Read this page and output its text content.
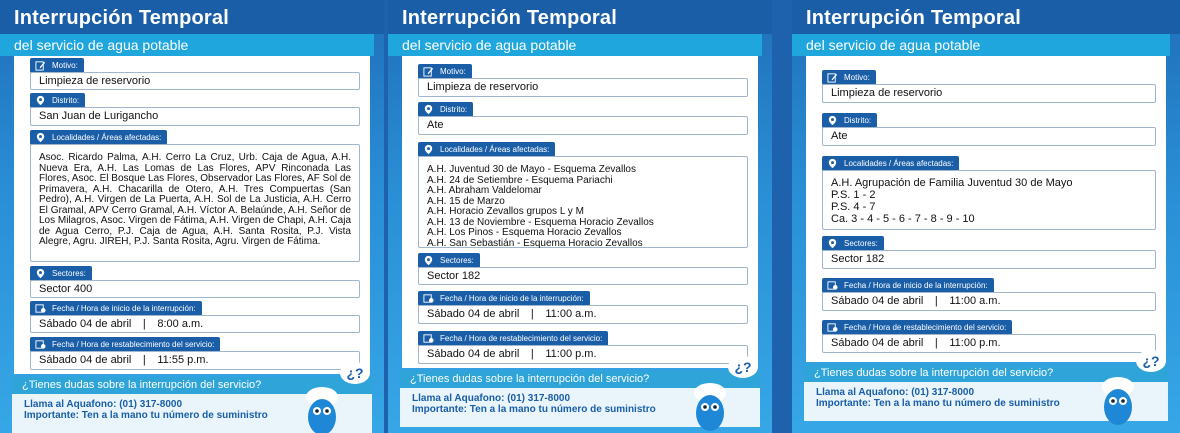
Interrupción Temporal
del servicio de agua potable
Motivo:
Limpieza de reservorio
Distrito:
San Juan de Lurigancho
Localidades / Áreas afectadas:
Asoc. Ricardo Palma, A.H. Cerro La Cruz, Urb. Caja de Agua, A.H. Nueva Era, A.H. Las Lomas de Las Flores, APV Rinconada Las Flores, Asoc. El Bosque Las Flores, Observador Las Flores, AF Sol de Primavera, A.H. Chacarilla de Otero, A.H. Tres Compuertas (San Pedro), A.H. Virgen de La Puerta, A.H. Sol de La Justicia, A.H. Cerro El Gramal, APV Cerro Gramal, A.H. Víctor A. Belaúnde, A.H. Señor de Los Milagros, Asoc. Virgen de Fátima, A.H. Virgen de Chapi, A.H. Caja de Agua Cerro, P.J. Caja de Agua, A.H. Santa Rosita, P.J. Vista Alegre, Agru. JIREH, P.J. Santa Rosita, Agru. Virgen de Fátima.
Sectores:
Sector 400
Fecha / Hora de inicio de la interrupción:
Sábado 04 de abril | 8:00 a.m.
Fecha / Hora de restablecimiento del servicio:
Sábado 04 de abril | 11:55 p.m.
¿Tienes dudas sobre la interrupción del servicio?
Llama al Aquafono: (01) 317-8000
Importante: Ten a la mano tu número de suministro
¿?
Interrupción Temporal
del servicio de agua potable
Motivo:
Limpieza de reservorio
Distrito:
Ate
Localidades / Áreas afectadas:
A.H. Juventud 30 de Mayo - Esquema Zevallos
A.H. 24 de Setiembre - Esquema Pariachi
A.H. Abraham Valdelomar
A.H. 15 de Marzo
A.H. Horacio Zevallos grupos L y M
A.H. 13 de Noviembre - Esquema Horacio Zevallos
A.H. Los Pinos - Esquema Horacio Zevallos
A.H. San Sebastián - Esquema Horacio Zevallos
Sectores:
Sector 182
Fecha / Hora de inicio de la interrupción:
Sábado 04 de abril | 11:00 a.m.
Fecha / Hora de restablecimiento del servicio:
Sábado 04 de abril | 11:00 p.m.
¿Tienes dudas sobre la interrupción del servicio?
Llama al Aquafono: (01) 317-8000
Importante: Ten a la mano tu número de suministro
¿?
Interrupción Temporal
del servicio de agua potable
Motivo:
Limpieza de reservorio
Distrito:
Ate
Localidades / Áreas afectadas:
A.H. Agrupación de Familia Juventud 30 de Mayo
P.S. 1 - 2
P.S. 4 - 7
Ca. 3 - 4 - 5 - 6 - 7 - 8 - 9 - 10
Sectores:
Sector 182
Fecha / Hora de inicio de la interrupción:
Sábado 04 de abril | 11:00 a.m.
Fecha / Hora de restablecimiento del servicio:
Sábado 04 de abril | 11:00 p.m.
¿Tienes dudas sobre la interrupción del servicio?
Llama al Aquafono: (01) 317-8000
Importante: Ten a la mano tu número de suministro
¿?
